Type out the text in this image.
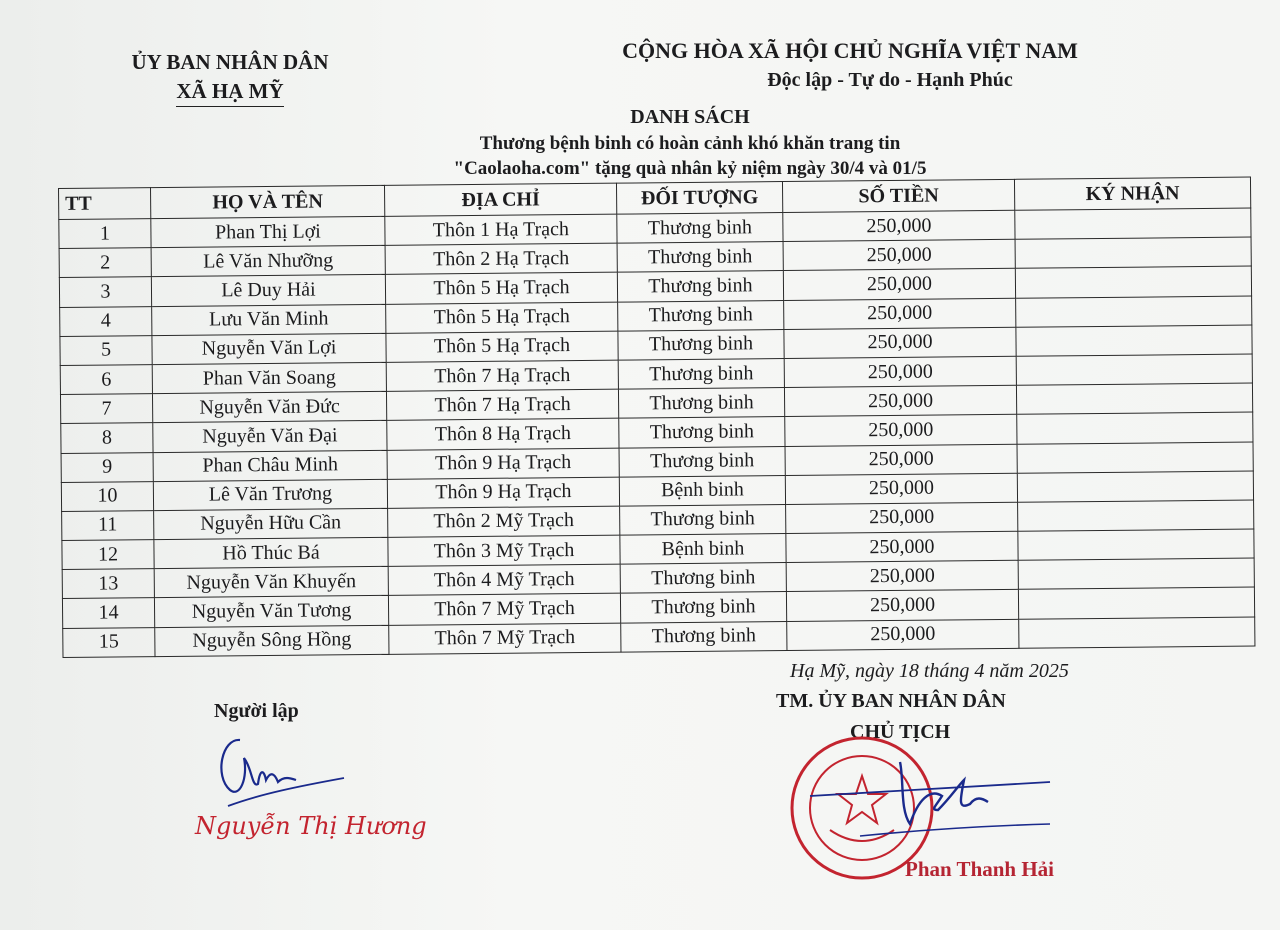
ỦY BAN NHÂN DÂN
XÃ HẠ MỸ
CỘNG HÒA XÃ HỘI CHỦ NGHĨA VIỆT NAM
Độc lập - Tự do - Hạnh Phúc
DANH SÁCH
Thương bệnh binh có hoàn cảnh khó khăn trang tin
"Caolaoha.com" tặng quà nhân kỷ niệm ngày 30/4 và 01/5
TT	HỌ VÀ TÊN	ĐỊA CHỈ	ĐỐI TƯỢNG	SỐ TIỀN	KÝ NHẬN
1	Phan Thị Lợi	Thôn 1 Hạ Trạch	Thương binh	250,000	
2	Lê Văn Nhưỡng	Thôn 2 Hạ Trạch	Thương binh	250,000	
3	Lê Duy Hải	Thôn 5 Hạ Trạch	Thương binh	250,000	
4	Lưu Văn Minh	Thôn 5 Hạ Trạch	Thương binh	250,000	
5	Nguyễn Văn Lợi	Thôn 5 Hạ Trạch	Thương binh	250,000	
6	Phan Văn Soang	Thôn 7 Hạ Trạch	Thương binh	250,000	
7	Nguyễn Văn Đức	Thôn 7 Hạ Trạch	Thương binh	250,000	
8	Nguyễn Văn Đại	Thôn 8 Hạ Trạch	Thương binh	250,000	
9	Phan Châu Minh	Thôn 9 Hạ Trạch	Thương binh	250,000	
10	Lê Văn Trương	Thôn 9 Hạ Trạch	Bệnh binh	250,000	
11	Nguyễn Hữu Cần	Thôn 2 Mỹ Trạch	Thương binh	250,000	
12	Hồ Thúc Bá	Thôn 3 Mỹ Trạch	Bệnh binh	250,000	
13	Nguyễn Văn Khuyến	Thôn 4 Mỹ Trạch	Thương binh	250,000	
14	Nguyễn Văn Tương	Thôn 7 Mỹ Trạch	Thương binh	250,000	
15	Nguyễn Sông Hồng	Thôn 7 Mỹ Trạch	Thương binh	250,000	
Hạ Mỹ, ngày 18 tháng 4 năm 2025
Người lập	TM. ỦY BAN NHÂN DÂN
CHỦ TỊCH
Nguyễn Thị Hương
Phan Thanh Hải
